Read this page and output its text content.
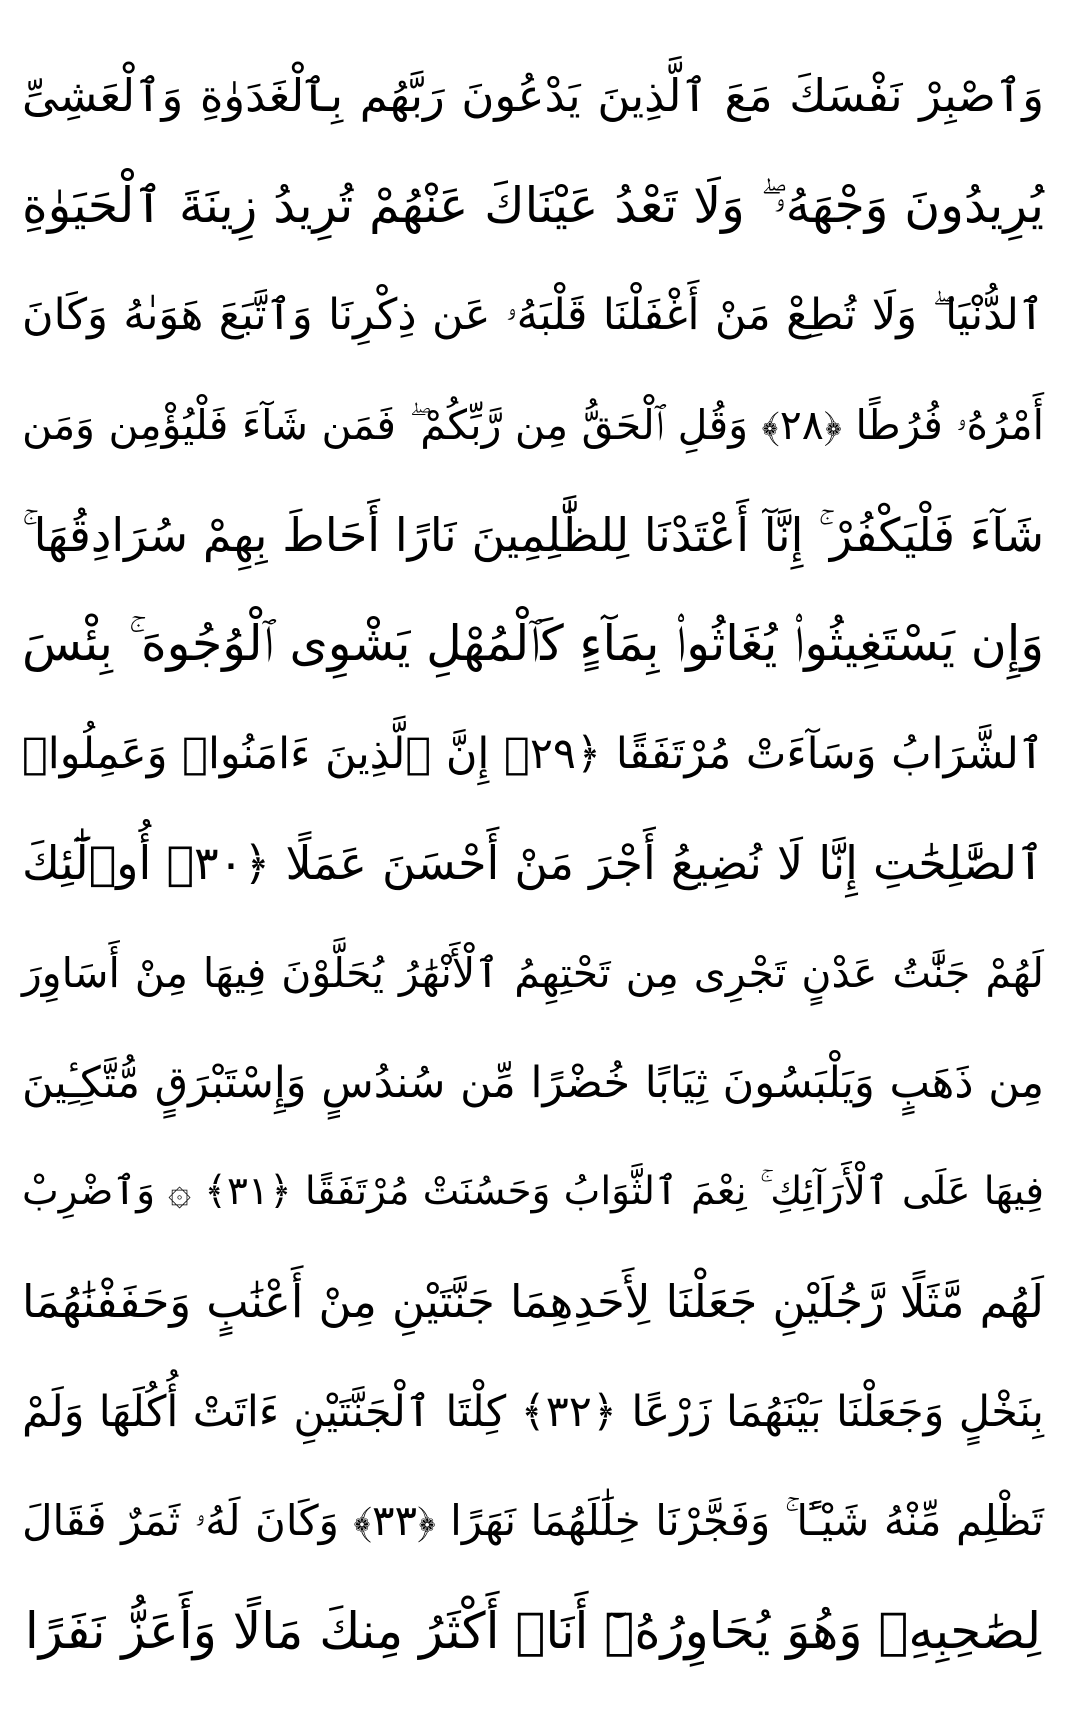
وَٱصْبِرْ نَفْسَكَ مَعَ ٱلَّذِينَ يَدْعُونَ رَبَّهُم بِٱلْغَدَوٰةِ وَٱلْعَشِىِّ
يُرِيدُونَ وَجْهَهُۥ ۖ وَلَا تَعْدُ عَيْنَاكَ عَنْهُمْ تُرِيدُ زِينَةَ ٱلْحَيَوٰةِ
ٱلدُّنْيَا ۖ وَلَا تُطِعْ مَنْ أَغْفَلْنَا قَلْبَهُۥ عَن ذِكْرِنَا وَٱتَّبَعَ هَوَىٰهُ وَكَانَ
أَمْرُهُۥ فُرُطًا ﴿٢٨﴾ وَقُلِ ٱلْحَقُّ مِن رَّبِّكُمْ ۖ فَمَن شَآءَ فَلْيُؤْمِن وَمَن
شَآءَ فَلْيَكْفُرْ ۚ إِنَّآ أَعْتَدْنَا لِلظَّٰلِمِينَ نَارًا أَحَاطَ بِهِمْ سُرَادِقُهَا ۚ
وَإِن يَسْتَغِيثُوا۟ يُغَاثُوا۟ بِمَآءٍ كَٱلْمُهْلِ يَشْوِى ٱلْوُجُوهَ ۚ بِئْسَ
ٱلشَّرَابُ وَسَآءَتْ مُرْتَفَقًا ﴿٢٩﴾ إِنَّ ٱلَّذِينَ ءَامَنُوا۟ وَعَمِلُوا۟
ٱلصَّٰلِحَٰتِ إِنَّا لَا نُضِيعُ أَجْرَ مَنْ أَحْسَنَ عَمَلًا ﴿٣٠﴾ أُو۟لَٰٓئِكَ
لَهُمْ جَنَّٰتُ عَدْنٍ تَجْرِى مِن تَحْتِهِمُ ٱلْأَنْهَٰرُ يُحَلَّوْنَ فِيهَا مِنْ أَسَاوِرَ
مِن ذَهَبٍ وَيَلْبَسُونَ ثِيَابًا خُضْرًا مِّن سُندُسٍ وَإِسْتَبْرَقٍ مُّتَّكِـِٔينَ
فِيهَا عَلَى ٱلْأَرَآئِكِ ۚ نِعْمَ ٱلثَّوَابُ وَحَسُنَتْ مُرْتَفَقًا ﴿٣١﴾ ۞ وَٱضْرِبْ
لَهُم مَّثَلًا رَّجُلَيْنِ جَعَلْنَا لِأَحَدِهِمَا جَنَّتَيْنِ مِنْ أَعْنَٰبٍ وَحَفَفْنَٰهُمَا
بِنَخْلٍ وَجَعَلْنَا بَيْنَهُمَا زَرْعًا ﴿٣٢﴾ كِلْتَا ٱلْجَنَّتَيْنِ ءَاتَتْ أُكُلَهَا وَلَمْ
تَظْلِم مِّنْهُ شَيْـًٔا ۚ وَفَجَّرْنَا خِلَٰلَهُمَا نَهَرًا ﴿٣٣﴾ وَكَانَ لَهُۥ ثَمَرٌ فَقَالَ
لِصَٰحِبِهِۦ وَهُوَ يُحَاوِرُهُۥٓ أَنَا۠ أَكْثَرُ مِنكَ مَالًا وَأَعَزُّ نَفَرًا
